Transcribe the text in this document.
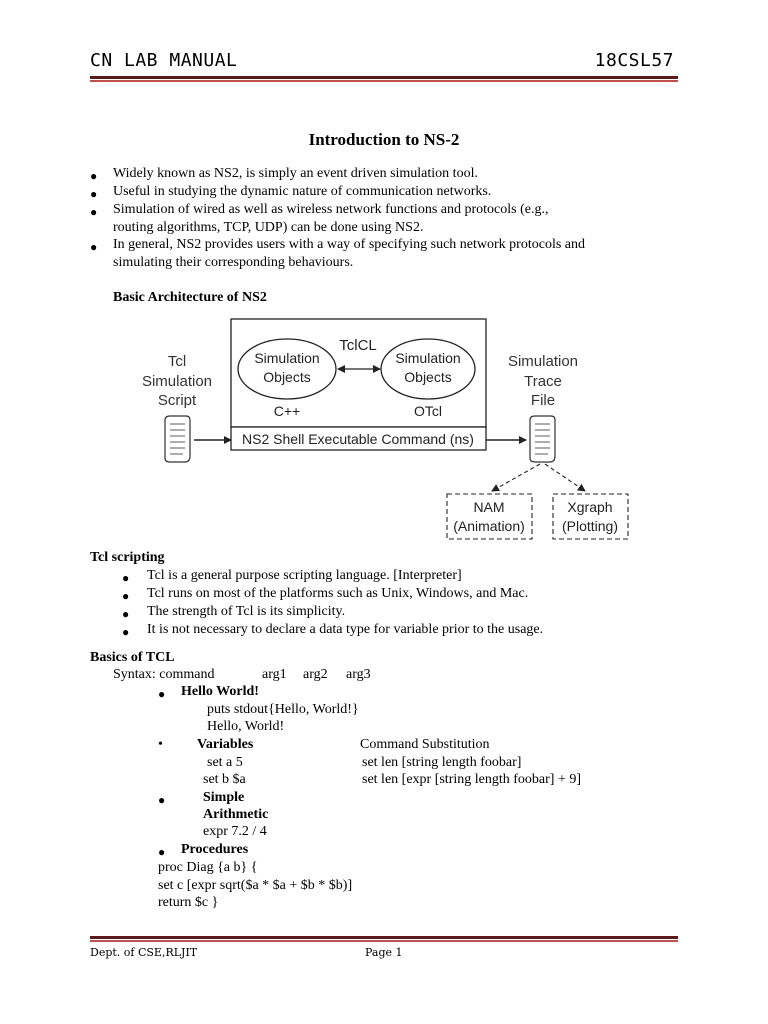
CN LAB MANUAL	18CSL57
Introduction to NS-2
● Widely known as NS2, is simply an event driven simulation tool.
● Useful in studying the dynamic nature of communication networks.
● Simulation of wired as well as wireless network functions and protocols (e.g.,
routing algorithms, TCP, UDP) can be done using NS2.
● In general, NS2 provides users with a way of specifying such network protocols and
simulating their corresponding behaviours.
Basic Architecture of NS2
Tcl
Simulation
Script
NS2 Shell Executable Command (ns)
TclCL
Simulation
Objects
C++
Simulation
Objects
OTcl
Simulation
Trace
File
NAM
(Animation)
Xgraph
(Plotting)
Tcl scripting
● Tcl is a general purpose scripting language. [Interpreter]
● Tcl runs on most of the platforms such as Unix, Windows, and Mac.
● The strength of Tcl is its simplicity.
● It is not necessary to declare a data type for variable prior to the usage.
Basics of TCL
Syntax: command	arg1 arg2 arg3
● Hello World!
puts stdout{Hello, World!}
Hello, World!
• Variables	Command Substitution
set a 5	set len [string length foobar]
set b $a	set len [expr [string length foobar] + 9]
●	Simple
Arithmetic
expr 7.2 / 4
● Procedures
proc Diag {a b} {
set c [expr sqrt($a * $a + $b * $b)]
return $c }
Dept. of CSE,RLJIT	Page 1
